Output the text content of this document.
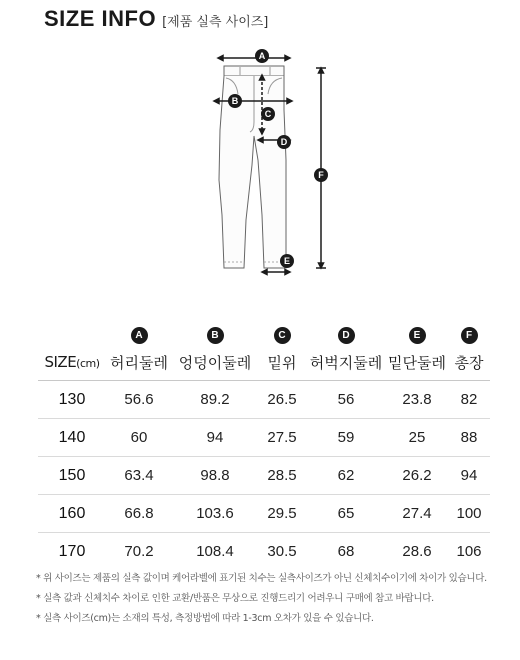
SIZE INFO [제품 실측 사이즈]
A
B
C
D
E
F
	A	B	C	D	E	F
SIZE(cm)	허리둘레	엉덩이둘레	밑위	허벅지둘레	밑단둘레	총장
130	56.6	89.2	26.5	56	23.8	82
140	60	94	27.5	59	25	88
150	63.4	98.8	28.5	62	26.2	94
160	66.8	103.6	29.5	65	27.4	100
170	70.2	108.4	30.5	68	28.6	106

* 위 사이즈는 제품의 실측 값이며 케어라벨에 표기된 치수는 실측사이즈가 아닌 신체치수이기에 차이가 있습니다.

* 실측 값과 신체치수 차이로 인한 교환/반품은 무상으로 진행드리기 어려우니 구매에 참고 바랍니다.

* 실측 사이즈(cm)는 소재의 특성, 측정방법에 따라 1-3cm 오차가 있을 수 있습니다.
